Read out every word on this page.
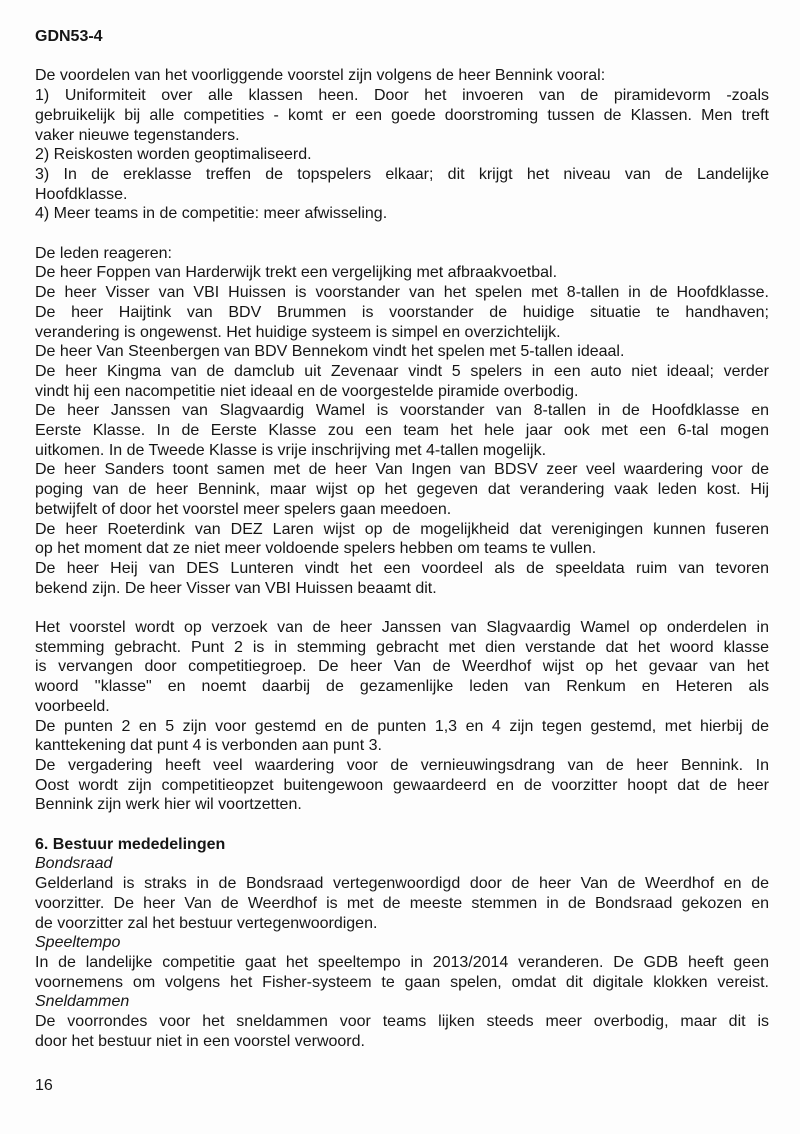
GDN53-4
De voordelen van het voorliggende voorstel zijn volgens de heer Bennink vooral:
1) Uniformiteit over alle klassen heen. Door het invoeren van de piramidevorm -zoals
gebruikelijk bij alle competities - komt er een goede doorstroming tussen de Klassen. Men treft
vaker nieuwe tegenstanders.
2) Reiskosten worden geoptimaliseerd.
3) In de ereklasse treffen de topspelers elkaar; dit krijgt het niveau van de Landelijke
Hoofdklasse.
4) Meer teams in de competitie: meer afwisseling.
De leden reageren:
De heer Foppen van Harderwijk trekt een vergelijking met afbraakvoetbal.
De heer Visser van VBI Huissen is voorstander van het spelen met 8-tallen in de Hoofdklasse.
De heer Haijtink van BDV Brummen is voorstander de huidige situatie te handhaven;
verandering is ongewenst. Het huidige systeem is simpel en overzichtelijk.
De heer Van Steenbergen van BDV Bennekom vindt het spelen met 5-tallen ideaal.
De heer Kingma van de damclub uit Zevenaar vindt 5 spelers in een auto niet ideaal; verder
vindt hij een nacompetitie niet ideaal en de voorgestelde piramide overbodig.
De heer Janssen van Slagvaardig Wamel is voorstander van 8-tallen in de Hoofdklasse en
Eerste Klasse. In de Eerste Klasse zou een team het hele jaar ook met een 6-tal mogen
uitkomen. In de Tweede Klasse is vrije inschrijving met 4-tallen mogelijk.
De heer Sanders toont samen met de heer Van Ingen van BDSV zeer veel waardering voor de
poging van de heer Bennink, maar wijst op het gegeven dat verandering vaak leden kost. Hij
betwijfelt of door het voorstel meer spelers gaan meedoen.
De heer Roeterdink van DEZ Laren wijst op de mogelijkheid dat verenigingen kunnen fuseren
op het moment dat ze niet meer voldoende spelers hebben om teams te vullen.
De heer Heij van DES Lunteren vindt het een voordeel als de speeldata ruim van tevoren
bekend zijn. De heer Visser van VBI Huissen beaamt dit.
Het voorstel wordt op verzoek van de heer Janssen van Slagvaardig Wamel op onderdelen in
stemming gebracht. Punt 2 is in stemming gebracht met dien verstande dat het woord klasse
is vervangen door competitiegroep. De heer Van de Weerdhof wijst op het gevaar van het
woord ''klasse" en noemt daarbij de gezamenlijke leden van Renkum en Heteren als
voorbeeld.
De punten 2 en 5 zijn voor gestemd en de punten 1,3 en 4 zijn tegen gestemd, met hierbij de
kanttekening dat punt 4 is verbonden aan punt 3.
De vergadering heeft veel waardering voor de vernieuwingsdrang van de heer Bennink. In
Oost wordt zijn competitieopzet buitengewoon gewaardeerd en de voorzitter hoopt dat de heer
Bennink zijn werk hier wil voortzetten.
6. Bestuur mededelingen
Bondsraad
Gelderland is straks in de Bondsraad vertegenwoordigd door de heer Van de Weerdhof en de
voorzitter. De heer Van de Weerdhof is met de meeste stemmen in de Bondsraad gekozen en
de voorzitter zal het bestuur vertegenwoordigen.
Speeltempo
In de landelijke competitie gaat het speeltempo in 2013/2014 veranderen. De GDB heeft geen
voornemens om volgens het Fisher-systeem te gaan spelen, omdat dit digitale klokken vereist.
Sneldammen
De voorrondes voor het sneldammen voor teams lijken steeds meer overbodig, maar dit is
door het bestuur niet in een voorstel verwoord.
16
